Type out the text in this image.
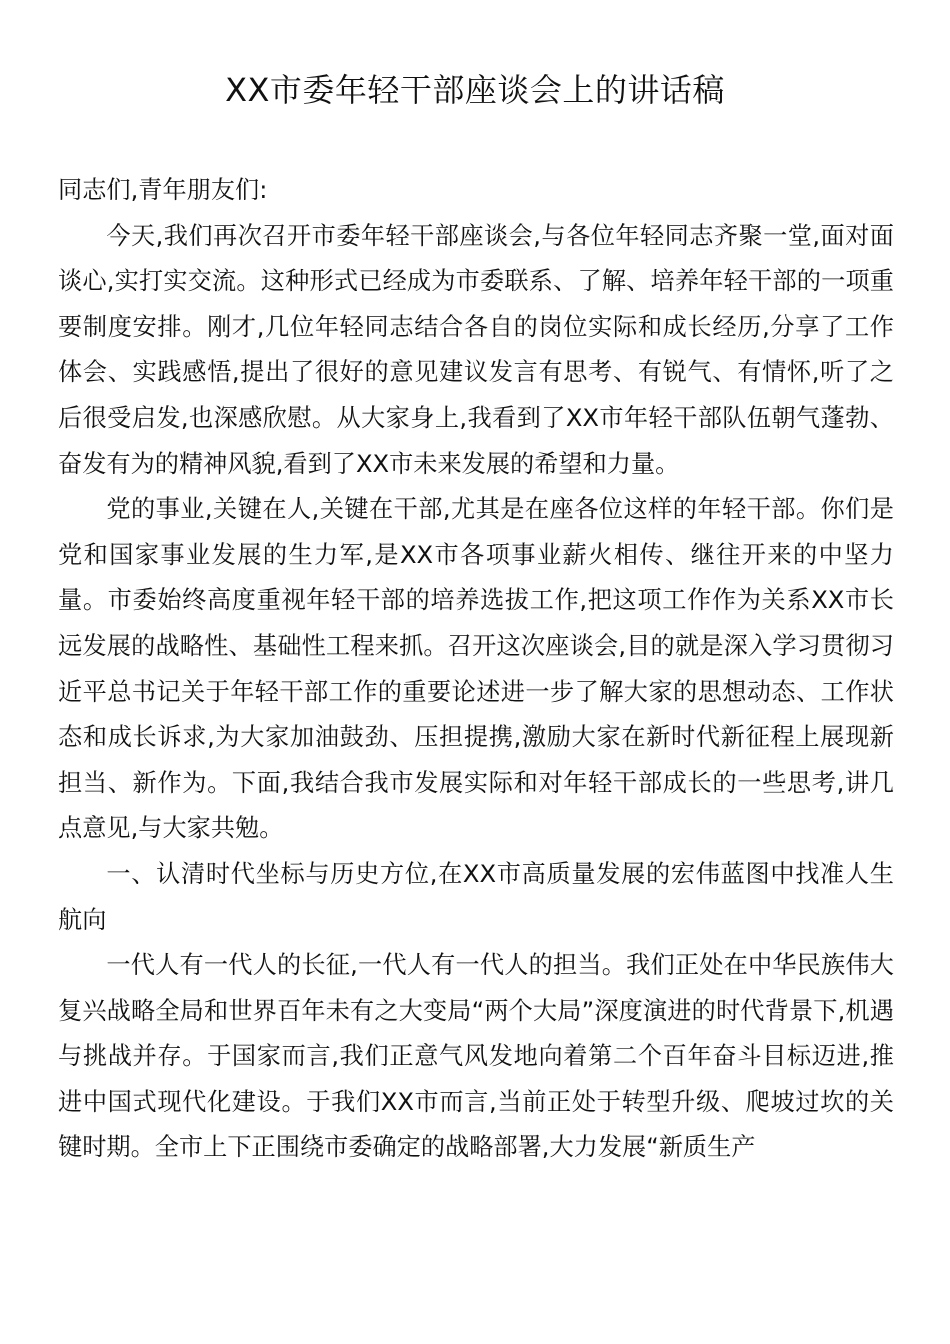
XX市委年轻干部座谈会上的讲话稿

同志们,青年朋友们:

今天,我们再次召开市委年轻干部座谈会,与各位年轻同志齐聚一堂,面对面谈心,实打实交流。这种形式已经成为市委联系、了解、培养年轻干部的一项重要制度安排。刚才,几位年轻同志结合各自的岗位实际和成长经历,分享了工作体会、实践感悟,提出了很好的意见建议发言有思考、有锐气、有情怀,听了之后很受启发,也深感欣慰。从大家身上,我看到了XX市年轻干部队伍朝气蓬勃、奋发有为的精神风貌,看到了XX市未来发展的希望和力量。

党的事业,关键在人,关键在干部,尤其是在座各位这样的年轻干部。你们是党和国家事业发展的生力军,是XX市各项事业薪火相传、继往开来的中坚力量。市委始终高度重视年轻干部的培养选拔工作,把这项工作作为关系XX市长远发展的战略性、基础性工程来抓。召开这次座谈会,目的就是深入学习贯彻习近平总书记关于年轻干部工作的重要论述进一步了解大家的思想动态、工作状态和成长诉求,为大家加油鼓劲、压担提携,激励大家在新时代新征程上展现新担当、新作为。下面,我结合我市发展实际和对年轻干部成长的一些思考,讲几点意见,与大家共勉。

一、认清时代坐标与历史方位,在XX市高质量发展的宏伟蓝图中找准人生航向

一代人有一代人的长征,一代人有一代人的担当。我们正处在中华民族伟大复兴战略全局和世界百年未有之大变局“两个大局”深度演进的时代背景下,机遇与挑战并存。于国家而言,我们正意气风发地向着第二个百年奋斗目标迈进,推进中国式现代化建设。于我们XX市而言,当前正处于转型升级、爬坡过坎的关键时期。全市上下正围绕市委确定的战略部署,大力发展“新质生产
